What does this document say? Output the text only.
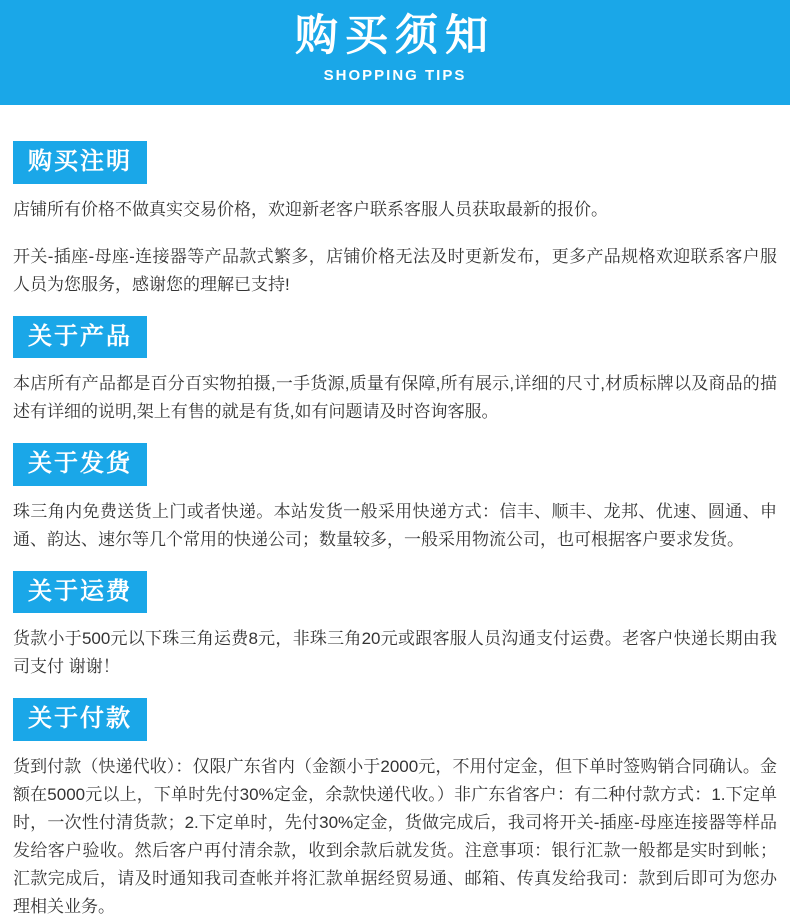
购买须知
SHOPPING TIPS
购买注明

店铺所有价格不做真实交易价格，欢迎新老客户联系客服人员获取最新的报价。

开关-插座-母座-连接器等产品款式繁多，店铺价格无法及时更新发布，更多产品规格欢迎联系客户服人员为您服务，感谢您的理解已支持!

关于产品

本店所有产品都是百分百实物拍摄,一手货源,质量有保障,所有展示,详细的尺寸,材质标牌以及商品的描述有详细的说明,架上有售的就是有货,如有问题请及时咨询客服。

关于发货

珠三角内免费送货上门或者快递。本站发货一般采用快递方式：信丰、顺丰、龙邦、优速、圆通、申通、韵达、速尔等几个常用的快递公司；数量较多，一般采用物流公司，也可根据客户要求发货。

关于运费

货款小于500元以下珠三角运费8元，非珠三角20元或跟客服人员沟通支付运费。老客户快递长期由我司支付 谢谢！

关于付款

货到付款（快递代收）：仅限广东省内（金额小于2000元，不用付定金，但下单时签购销合同确认。金额在5000元以上，下单时先付30%定金，余款快递代收。）非广东省客户：有二种付款方式：1.下定单时，一次性付清货款；2.下定单时，先付30%定金，货做完成后，我司将开关-插座-母座连接器等样品发给客户验收。然后客户再付清余款，收到余款后就发货。注意事项：银行汇款一般都是实时到帐；汇款完成后，请及时通知我司查帐并将汇款单据经贸易通、邮箱、传真发给我司：款到后即可为您办理相关业务。
